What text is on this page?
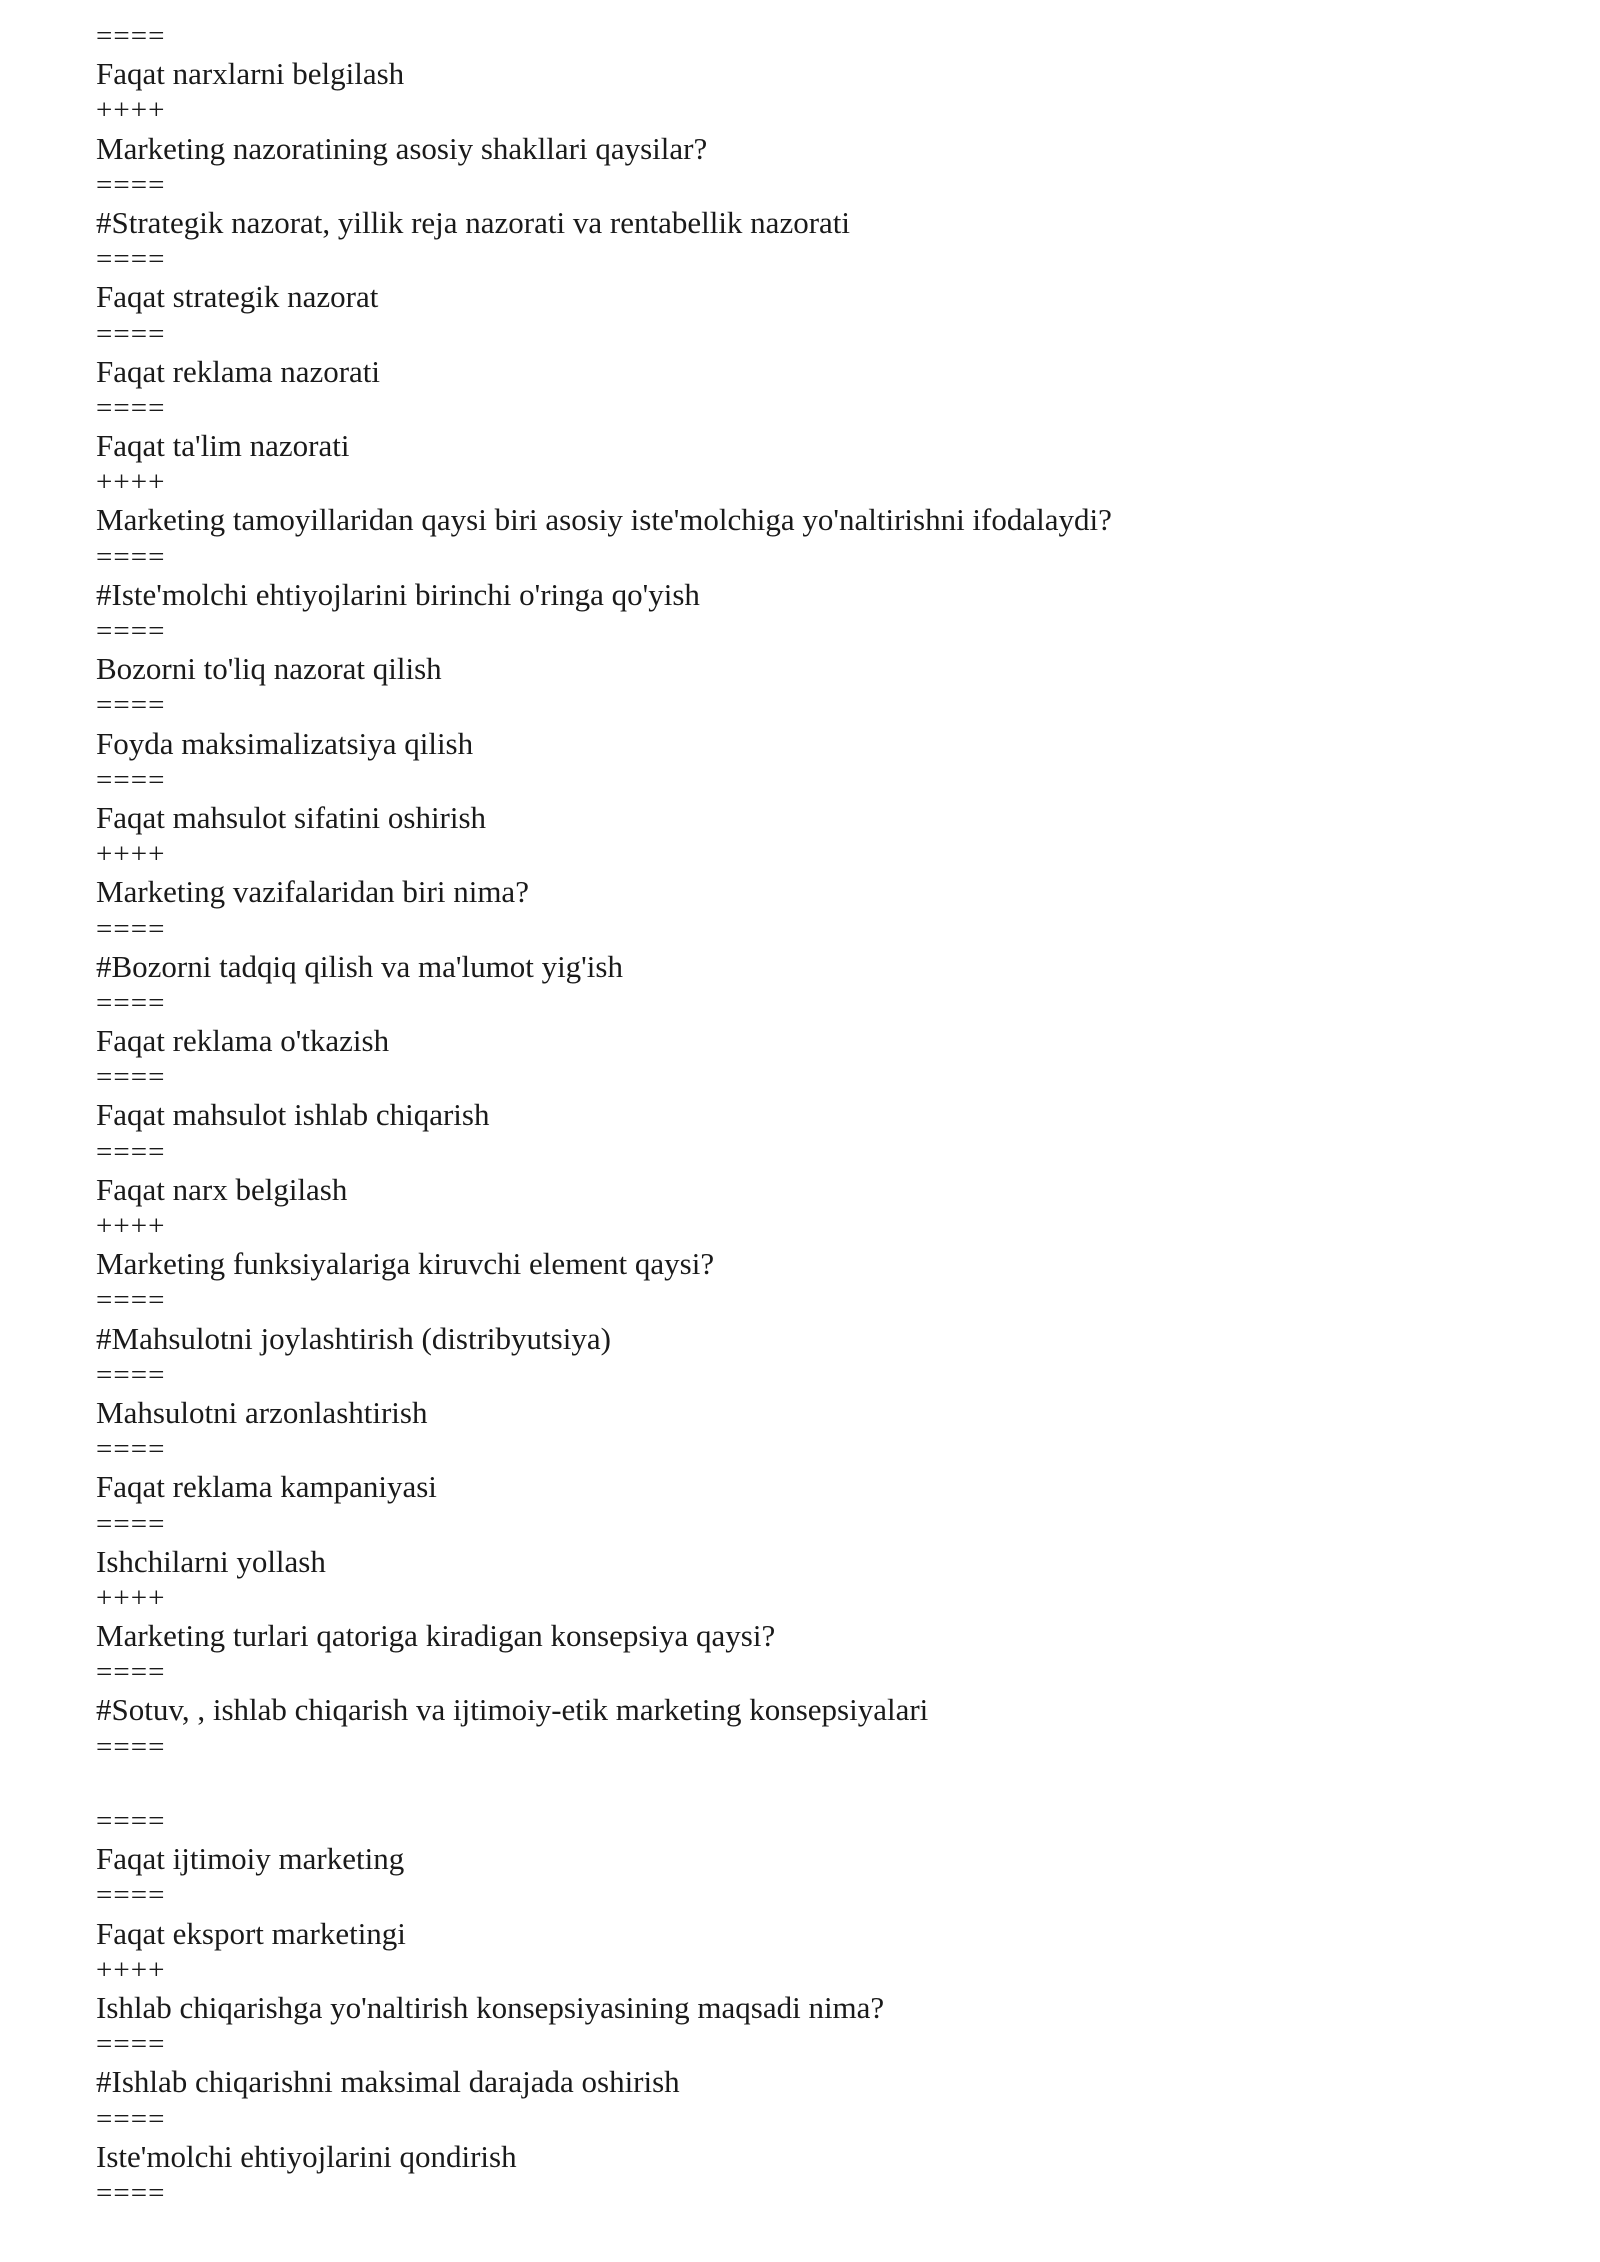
====
Faqat narxlarni belgilash
++++
Marketing nazoratining asosiy shakllari qaysilar?
====
#Strategik nazorat, yillik reja nazorati va rentabellik nazorati
====
Faqat strategik nazorat
====
Faqat reklama nazorati
====
Faqat ta'lim nazorati
++++
Marketing tamoyillaridan qaysi biri asosiy iste'molchiga yo'naltirishni ifodalaydi?
====
#Iste'molchi ehtiyojlarini birinchi o'ringa qo'yish
====
Bozorni to'liq nazorat qilish
====
Foyda maksimalizatsiya qilish
====
Faqat mahsulot sifatini oshirish
++++
Marketing vazifalaridan biri nima?
====
#Bozorni tadqiq qilish va ma'lumot yig'ish
====
Faqat reklama o'tkazish
====
Faqat mahsulot ishlab chiqarish
====
Faqat narx belgilash
++++
Marketing funksiyalariga kiruvchi element qaysi?
====
#Mahsulotni joylashtirish (distribyutsiya)
====
Mahsulotni arzonlashtirish
====
Faqat reklama kampaniyasi
====
Ishchilarni yollash
++++
Marketing turlari qatoriga kiradigan konsepsiya qaysi?
====
#Sotuv, , ishlab chiqarish va ijtimoiy-etik marketing konsepsiyalari
====
====
Faqat ijtimoiy marketing
====
Faqat eksport marketingi
++++
Ishlab chiqarishga yo'naltirish konsepsiyasining maqsadi nima?
====
#Ishlab chiqarishni maksimal darajada oshirish
====
Iste'molchi ehtiyojlarini qondirish
====
